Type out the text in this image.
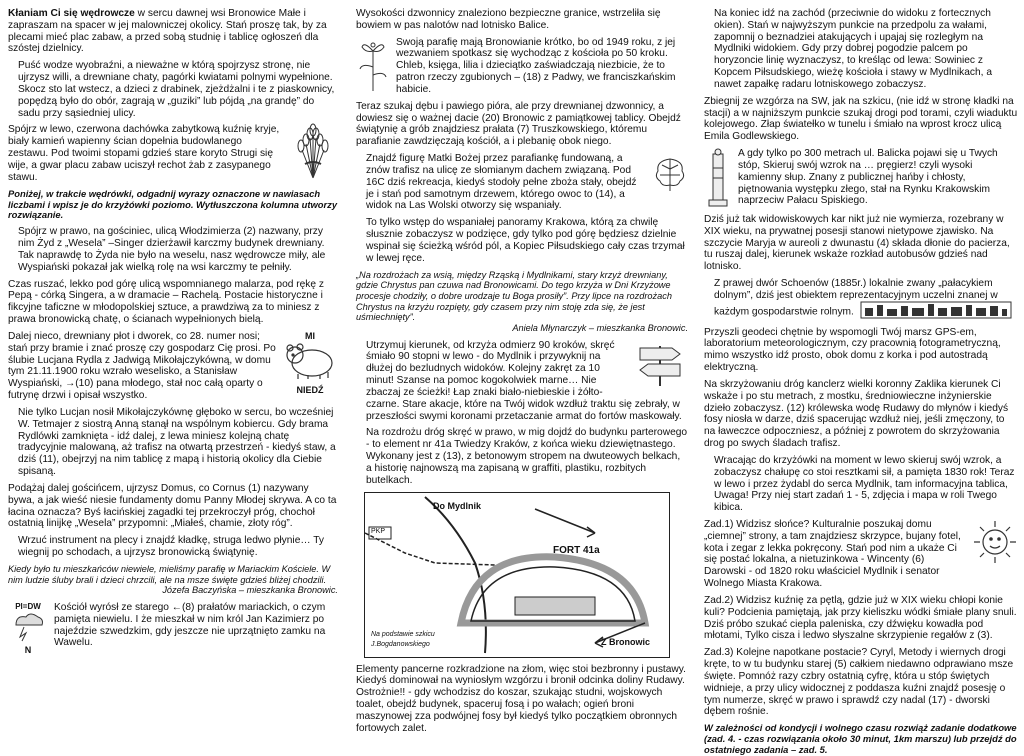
Kłaniam Ci się wędrowcze w sercu dawnej wsi Bronowice Małe i zapraszam na spacer w jej malowniczej okolicy. Stań proszę tak, by za plecami mieć plac zabaw, a przed sobą studnię i tablicę ogłoszeń dla szóstej dzielnicy.

Puść wodze wyobraźni, a nieważne w którą spojrzysz stronę, nie ujrzysz willi, a drewniane chaty, pagórki kwiatami polnymi wypełnione. Skocz sto lat wstecz, a dzieci z drabinek, zjeżdżalni i te z piaskownicy, popędzą było do obór, zagrają w „guziki” lub pójdą „na grandę” do sadu przy sąsiedniej ulicy.

Spójrz w lewo, czerwona dachówka zabytkową kuźnię kryje, biały kamień wapienny ścian dopełnia budowlanego zestawu. Pod twoimi stopami gdzieś stare koryto Strugi się wije, a gwar placu zabaw uciszył rechot żab z zasypanego stawu.

Poniżej, w trakcie wędrówki, odgadnij wyrazy oznaczone w nawiasach liczbami i wpisz je do krzyżówki poziomo. Wytłuszczona kolumna utworzy rozwiązanie.

Spójrz w prawo, na gościniec, ulicą Włodzimierza (2) nazwany, przy nim Żyd z „Wesela” –Singer dzierżawił karczmy budynek drewniany. Tak naprawdę to Żyda nie było na weselu, nasz wędrowcze miły, ale Wyspiański pokazał jak wielką rolę na wsi karczmy te pełniły.

Czas ruszać, lekko pod górę ulicą wspomnianego malarza, pod rękę z Pepą - córką Singera, a w dramacie – Rachelą. Postacie historyczne i fikcyjne taficzne w młodopolskiej sztuce, a prawdziwą za to miniesz z prawa bronowicką chatę, o ścianach wypełnionych bielą.

MI
NIEDŹ

Dalej nieco, drewniany płot i dworek, co 28. numer nosi; stań przy bramie i znać proszę czy gospodarz Cię prosi. Po ślubie Lucjana Rydla z Jadwigą Mikołajczykówną, w domu tym 21.11.1900 roku wzrało weselisko, a Stanisław Wyspiański, →(10) pana młodego, stał noc całą oparty o futrynę drzwi i opisał wszystko.

Nie tylko Lucjan nosił Mikołajczykównę głęboko w sercu, bo wcześniej W. Tetmajer z siostrą Anną stanął na wspólnym kobiercu. Gdy brama Rydlówki zamknięta - idź dalej, z lewa miniesz kolejną chatę tradycyjnie malowaną, aż trafisz na otwartą przestrzeń - kiedyś staw, a dziś (11), obejrzyj na nim tablicę z mapą i historią okolicy dla Ciebie spisaną.

Podążaj dalej gościńcem, ujrzysz Domus, co Cornus (1) nazywany bywa, a jak wieść niesie fundamenty domu Panny Młodej skrywa. A co ta łacina oznacza? Byś łacińskiej zagadki tej przekroczył próg, chochoł ostatnią linijkę „Wesela” przypomni: „Miałeś, chamie, złoty róg”.

Wrzuć instrument na plecy i znajdź kładkę, struga ledwo płynie… Ty wiegnij po schodach, a ujrzysz bronowicką świątynię.

Kiedy było tu mieszkańców niewiele, mieliśmy parafię w Mariackim Kościele. W nim ludzie śluby brali i dzieci chrzcili, ale na msze święte gdzieś bliżej chodzili.

Józefa Baczyńska – mieszkanka Bronowic.

Pl=DW
N

Kościół wyrósł ze starego ←(8) prałatów mariackich, o czym pamięta niewielu. I że mieszkał w nim król Jan Kazimierz po najeździe szwedzkim, gdy jeszcze nie uprzątnięto zamku na Wawelu.

Wysokości dzwonnicy znaleziono bezpieczne granice, wstrzeliła się bowiem w pas nalotów nad lotnisko Balice.

Swoją parafię mają Bronowianie krótko, bo od 1949 roku, z jej wezwaniem spotkasz się wychodząc z kościoła po 50 kroku. Chleb, księga, lilia i dzieciątko zaświadczają niezbicie, że to patron rzeczy zgubionych – (18) z Padwy, we franciszkańskim habicie.

Teraz szukaj dębu i pawiego pióra, ale przy drewnianej dzwonnicy, a dowiesz się o ważnej dacie (20) Bronowic z pamiątkowej tablicy. Obejdź świątynię a grób znajdziesz prałata (7) Truszkowskiego, któremu parafianie zawdzięczają kościół, a i plebanię obok niego.

Znajdź figurę Matki Bożej przez parafiankę fundowaną, a znów trafisz na ulicę ze słomianym dachem związaną. Pod 16C dziś rekreacja, kiedyś stodoły pełne zboża stały, obejdź je i stań pod samotnym drzewem, którego owoc to (14), a widok na Las Wolski otworzy się wspaniały.

To tylko wstęp do wspaniałej panoramy Krakowa, którą za chwilę słusznie zobaczysz w podzięce, gdy tylko pod górę będziesz dzielnie wspinał się ścieżką wśród pól, a Kopiec Piłsudskiego cały czas trzymał w lewej ręce.

„Na rozdrożach za wsią, między Rząską i Mydlnikami, stary krzyż drewniany, gdzie Chrystus pan czuwa nad Bronowicami. Do tego krzyża w Dni Krzyżowe procesje chodziły, o dobre urodzaje tu Boga prosiły”. Przy lipce na rozdrożach Chrystus na krzyżu rozpięty, gdy czasem przy nim stoję zda się, że jest uśmiechnięty”.

Aniela Młynarczyk – mieszkanka Bronowic.

Utrzymuj kierunek, od krzyża odmierz 90 kroków, skręć śmiało 90 stopni w lewo - do Mydlnik i przywyknij na dłużej do bezludnych widoków. Kolejny zakręt za 10 minut! Szanse na pomoc kogokolwiek marne… Nie zbaczaj ze ścieżki! Łap znaki biało-niebieskie i żółto-czarne. Stare akacje, które na Twój widok wzdłuż traktu się zebrały, w przeszłości swymi koronami przetaczanie armat do fortów maskowały.

Na rozdrożu dróg skręć w prawo, w mig dojdź do budynku parterowego - to element nr 41a Twiedzy Kraków, z końca wieku dziewiętnastego. Wykonany jest z (13), z betonowym stropem na dwuteowych belkach, a historię najnowszą ma zapisaną w graffiti, plastiku, rozbitych butelkach.

Do Mydlnik
PKP
FORT 41a
Z Bronowic
Na podstawie szkicu
J.Bogdanowskiego

Elementy pancerne rozkradzione na złom, więc stoi bezbronny i pustawy. Kiedyś dominował na wyniosłym wzgórzu i bronił odcinka doliny Rudawy. Ostrożnie!! - gdy wchodzisz do koszar, szukając studni, wojskowych toalet, obejdź budynek, spaceruj fosą i po wałach; ogień broni maszynowej zza podwójnej fosy był kiedyś tylko początkiem obronnych fortowych zalet.

Na koniec idź na zachód (przeciwnie do widoku z fortecznych okien). Stań w najwyższym punkcie na przedpolu za wałami, zapomnij o beznadziei atakujących i upajaj się rozległym na Mydlniki widokiem. Gdy przy dobrej pogodzie palcem po horyzoncie linię wyznaczysz, to kreśląc od lewa: Sowiniec z Kopcem Piłsudskiego, wieżę kościoła i stawy w Mydlnikach, a nawet zapałkę radaru lotniskowego zobaczysz.

Zbiegnij ze wzgórza na SW, jak na szkicu, (nie idź w stronę kładki na stacji) a w najniższym punkcie szukaj drogi pod torami, czyli wiaduktu kolejowego. Złap światełko w tunelu i śmiało na wprost krocz ulicą Emila Godlewskiego.

A gdy tylko po 300 metrach ul. Balicka pojawi się u Twych stóp, Skieruj swój wzrok na … pręgierz! czyli wysoki kamienny słup. Znany z publicznej hańby i chłosty, piętnowania występku złego, stał na Rynku Krakowskim naprzeciw Pałacu Spiskiego.

Dziś już tak widowiskowych kar nikt już nie wymierza, rozebrany w XIX wieku, na prywatnej posesji stanowi nietypowe zjawisko. Na szczycie Maryja w aureoli z dwunastu (4) składa dłonie do pacierza, tu ruszaj dalej, kierunek wskaże rozkład autobusów gdzieś nad lotnisko.

Z prawej dwór Schoenów (1885r.) lokalnie zwany „pałacykiem dolnym”, dziś jest obiektem reprezentacyjnym uczelni znanej w każdym gospodarstwie rolnym.

Przyszli geodeci chętnie by wspomogli Twój marsz GPS-em, laboratorium meteorologicznym, czy pracownią fotogrametryczną, mimo wszystko idź prosto, obok domu z korka i pod autostradą elektryczną.

Na skrzyżowaniu dróg kanclerz wielki koronny Zaklika kierunek Ci wskaże i po stu metrach, z mostku, średniowieczne inżynierskie dzieło zobaczysz. (12) królewska wodę Rudawy do młynów i kiedyś fosy niosła w darze, dziś spacerując wzdłuż niej, jeśli zmęczony, to na ławeczce odpoczniesz, a później z powrotem do skrzyżowania drog po swych śladach trafisz.

Wracając do krzyżówki na moment w lewo skieruj swój wzrok, a zobaczysz chałupę co stoi resztkami sił, a pamięta 1830 rok! Teraz w lewo i przez żydabl do serca Mydlnik, tam informacyjna tablica, Uwaga! Przy niej start zadań 1 - 5, zdjęcia i mapa w roli Twego kibica.

Zad.1) Widzisz słońce? Kulturalnie poszukaj domu „ciemnej” strony, a tam znajdziesz skrzypce, bujany fotel, kota i zegar z lekka pokręcony. Stań pod nim a ukaże Ci się postać lokalna, a nietuzinkowa - Wincenty (6) Darowski - od 1820 roku właściciel Mydlnik i senator Wolnego Miasta Krakowa.

Zad.2) Widzisz kuźnię za pętlą, gdzie już w XIX wieku chłopi konie kuli? Podcienia pamiętają, jak przy kieliszku wódki śmiałe plany snuli. Dziś próbo szukać cieplа paleniska, czy dźwięku kowadła pod młotami, Tylko cisza i ledwo słyszalne skrzypienie regałów z (3).

Zad.3) Kolejne napotkane postacie? Cyryl, Metody i wiernych drogi kręte, to w tu budynku starej (5) całkiem niedawno odprawiano msze święte. Pomnóż razy czbry ostatnią cyfrę, która u stóp świętych widnieje, a przy ulicy widocznej z poddasza kuźni znajdź posesję o tym numerze, skręć w prawo i sprawdź czy nadal (17) - dworski dębem rośnie.

W zależności od kondycji i wolnego czasu rozwiąż zadanie dodatkowe (zad. 4. - czas rozwiązania około 30 minut, 1km marszu) lub przejdź do ostatniego zadania – zad. 5.
